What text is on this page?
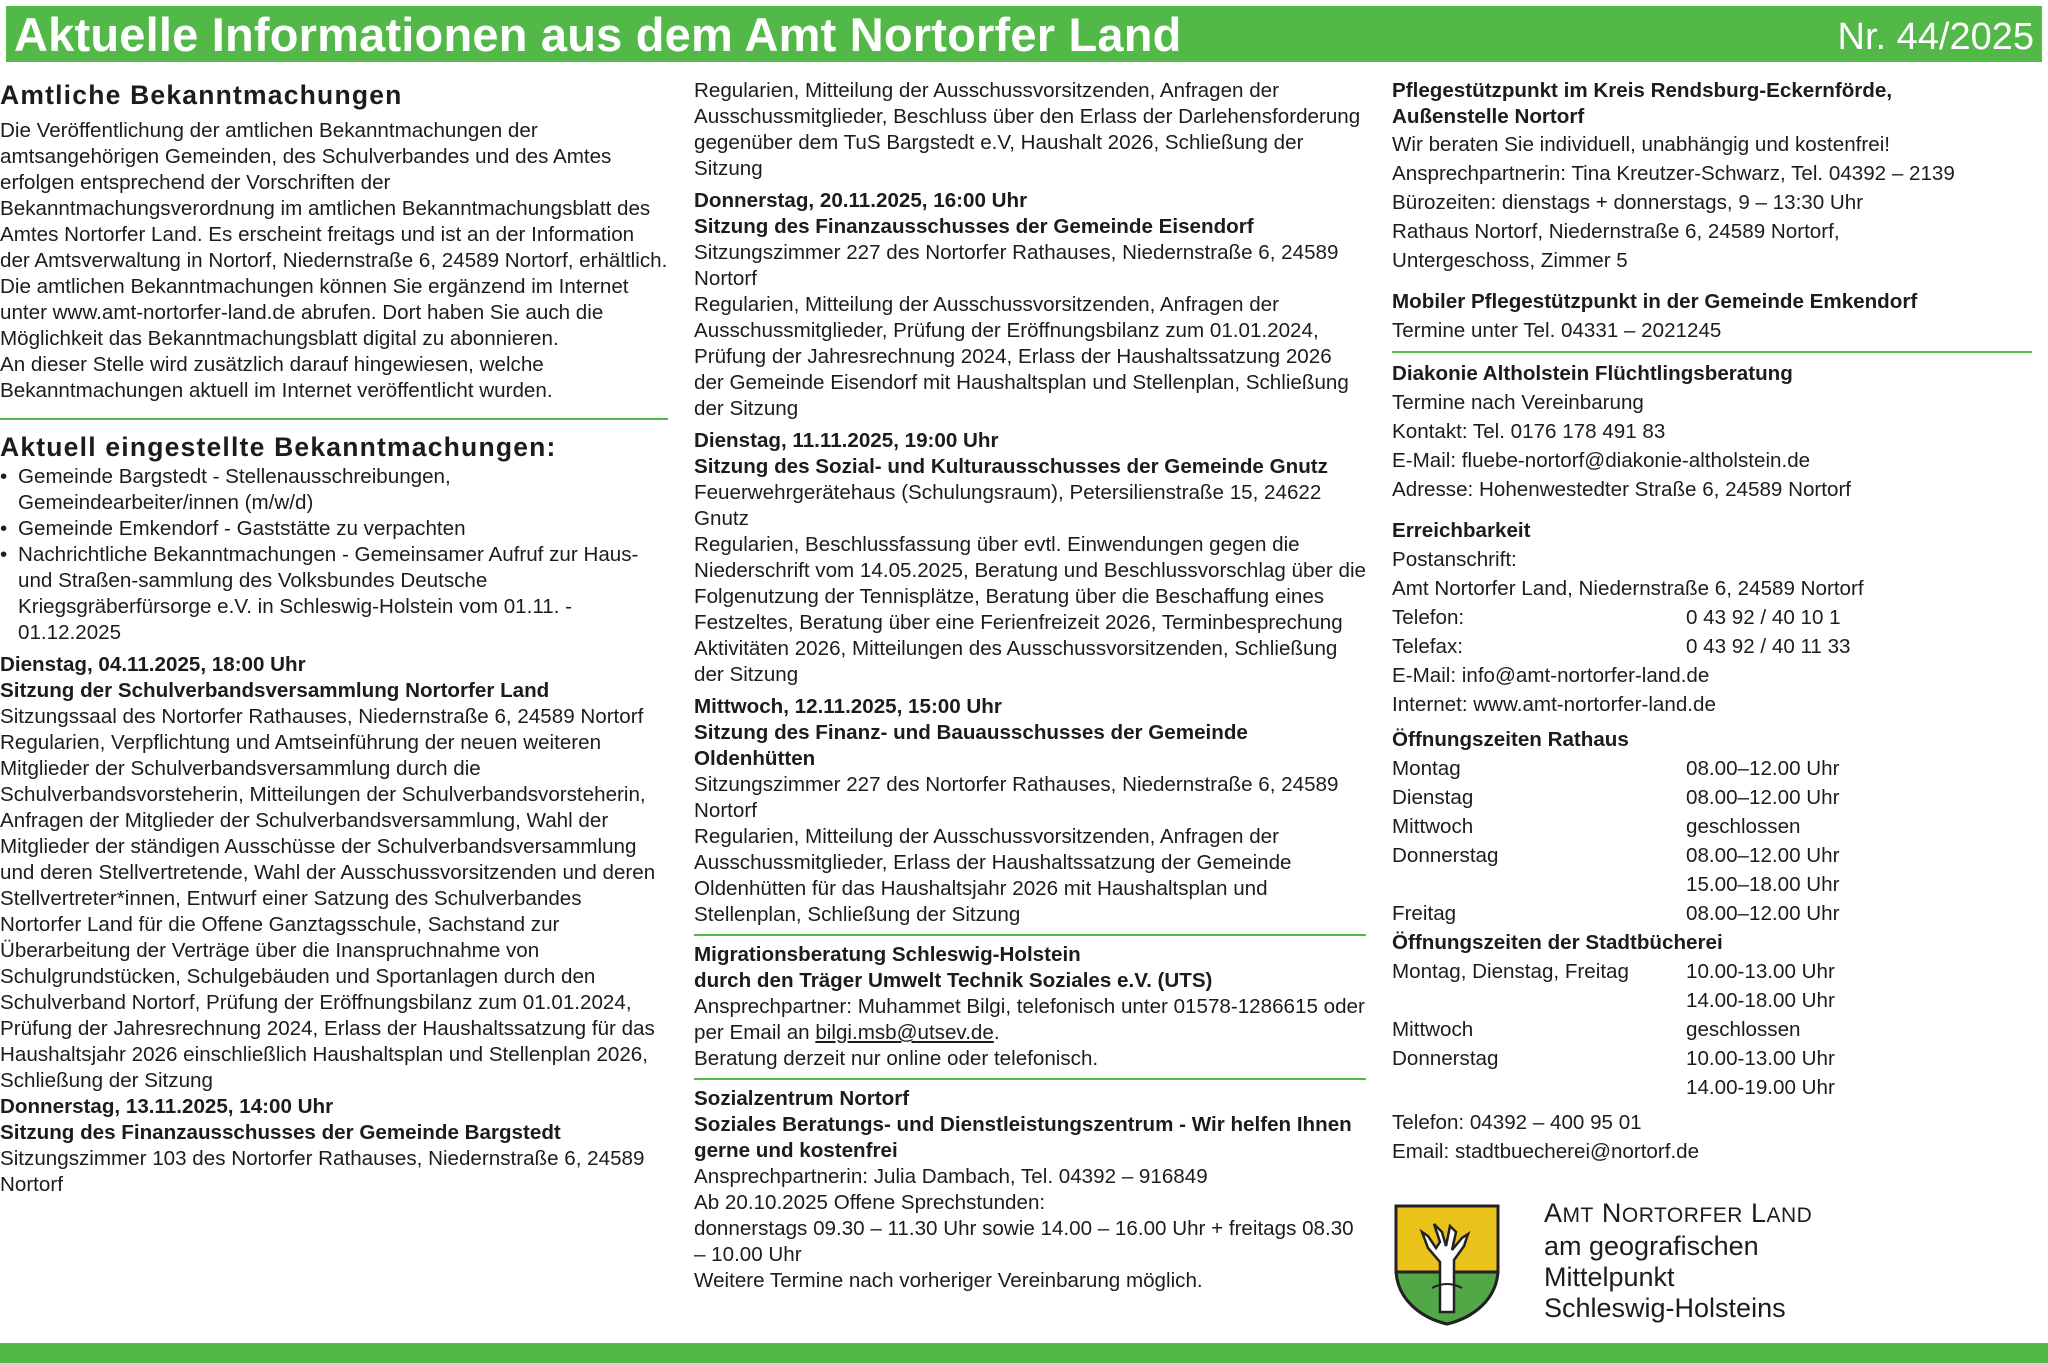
Aktuelle Informationen aus dem Amt Nortorfer Land	Nr. 44/2025

Amtliche Bekanntmachungen

Die Veröffentlichung der amtlichen Bekanntmachungen der amtsangehörigen Gemeinden, des Schulverbandes und des Amtes erfolgen entsprechend der Vorschriften der Bekanntmachungsverordnung im amtlichen Bekanntmachungsblatt des Amtes Nortorfer Land. Es erscheint freitags und ist an der Information der Amtsverwaltung in Nortorf, Niedernstraße 6, 24589 Nortorf, erhältlich.

Die amtlichen Bekanntmachungen können Sie ergänzend im Internet unter www.amt-nortorfer-land.de abrufen. Dort haben Sie auch die Möglichkeit das Bekanntmachungsblatt digital zu abonnieren.

An dieser Stelle wird zusätzlich darauf hingewiesen, welche Bekanntmachungen aktuell im Internet veröffentlicht wurden.

Aktuell eingestellte Bekanntmachungen:

• Gemeinde Bargstedt - Stellenausschreibungen, Gemeindearbeiter/innen (m/w/d)
• Gemeinde Emkendorf - Gaststätte zu verpachten
• Nachrichtliche Bekanntmachungen - Gemeinsamer Aufruf zur Haus- und Straßen-sammlung des Volksbundes Deutsche Kriegsgräberfürsorge e.V. in Schleswig-Holstein vom 01.11. - 01.12.2025

Dienstag, 04.11.2025, 18:00 Uhr

Sitzung der Schulverbandsversammlung Nortorfer Land

Sitzungssaal des Nortorfer Rathauses, Niedernstraße 6, 24589 Nortorf

Regularien, Verpflichtung und Amtseinführung der neuen weiteren Mitglieder der Schulverbandsversammlung durch die Schulverbandsvorsteherin, Mitteilungen der Schulverbandsvorsteherin, Anfragen der Mitglieder der Schulverbandsversammlung, Wahl der Mitglieder der ständigen Ausschüsse der Schulverbandsversammlung und deren Stellvertretende, Wahl der Ausschussvorsitzenden und deren Stellvertreter*innen, Entwurf einer Satzung des Schulverbandes Nortorfer Land für die Offene Ganztagsschule, Sachstand zur Überarbeitung der Verträge über die Inanspruchnahme von Schulgrundstücken, Schulgebäuden und Sportanlagen durch den Schulverband Nortorf, Prüfung der Eröffnungsbilanz zum 01.01.2024, Prüfung der Jahresrechnung 2024, Erlass der Haushaltssatzung für das Haushaltsjahr 2026 einschließlich Haushaltsplan und Stellenplan 2026, Schließung der Sitzung

Donnerstag, 13.11.2025, 14:00 Uhr

Sitzung des Finanzausschusses der Gemeinde Bargstedt

Sitzungszimmer 103 des Nortorfer Rathauses, Niedernstraße 6, 24589 Nortorf

Regularien, Mitteilung der Ausschussvorsitzenden, Anfragen der Ausschussmitglieder, Beschluss über den Erlass der Darlehensforderung gegenüber dem TuS Bargstedt e.V, Haushalt 2026, Schließung der Sitzung

Donnerstag, 20.11.2025, 16:00 Uhr

Sitzung des Finanzausschusses der Gemeinde Eisendorf

Sitzungszimmer 227 des Nortorfer Rathauses, Niedernstraße 6, 24589 Nortorf

Regularien, Mitteilung der Ausschussvorsitzenden, Anfragen der Ausschussmitglieder, Prüfung der Eröffnungsbilanz zum 01.01.2024, Prüfung der Jahresrechnung 2024, Erlass der Haushaltssatzung 2026 der Gemeinde Eisendorf mit Haushaltsplan und Stellenplan, Schließung der Sitzung

Dienstag, 11.11.2025, 19:00 Uhr

Sitzung des Sozial- und Kulturausschusses der Gemeinde Gnutz

Feuerwehrgerätehaus (Schulungsraum), Petersilienstraße 15, 24622 Gnutz

Regularien, Beschlussfassung über evtl. Einwendungen gegen die Niederschrift vom 14.05.2025, Beratung und Beschlussvorschlag über die Folgenutzung der Tennisplätze, Beratung über die Beschaffung eines Festzeltes, Beratung über eine Ferienfreizeit 2026, Terminbesprechung Aktivitäten 2026, Mitteilungen des Ausschussvorsitzenden, Schließung der Sitzung

Mittwoch, 12.11.2025, 15:00 Uhr

Sitzung des Finanz- und Bauausschusses der Gemeinde Oldenhütten

Sitzungszimmer 227 des Nortorfer Rathauses, Niedernstraße 6, 24589 Nortorf

Regularien, Mitteilung der Ausschussvorsitzenden, Anfragen der Ausschussmitglieder, Erlass der Haushaltssatzung der Gemeinde Oldenhütten für das Haushaltsjahr 2026 mit Haushaltsplan und Stellenplan, Schließung der Sitzung

Migrationsberatung Schleswig-Holstein

durch den Träger Umwelt Technik Soziales e.V. (UTS)

Ansprechpartner: Muhammet Bilgi, telefonisch unter 01578-1286615 oder per Email an bilgi.msb@utsev.de.

Beratung derzeit nur online oder telefonisch.

Sozialzentrum Nortorf

Soziales Beratungs- und Dienstleistungszentrum - Wir helfen Ihnen gerne und kostenfrei

Ansprechpartnerin: Julia Dambach, Tel. 04392 – 916849

Ab 20.10.2025 Offene Sprechstunden:

donnerstags 09.30 – 11.30 Uhr sowie 14.00 – 16.00 Uhr + freitags 08.30 – 10.00 Uhr

Weitere Termine nach vorheriger Vereinbarung möglich.

Pflegestützpunkt im Kreis Rendsburg-Eckernförde,

Außenstelle Nortorf

Wir beraten Sie individuell, unabhängig und kostenfrei!

Ansprechpartnerin: Tina Kreutzer-Schwarz, Tel. 04392 – 2139

Bürozeiten: dienstags + donnerstags, 9 – 13:30 Uhr

Rathaus Nortorf, Niedernstraße 6, 24589 Nortorf, Untergeschoss, Zimmer 5

Mobiler Pflegestützpunkt in der Gemeinde Emkendorf

Termine unter Tel. 04331 – 2021245

Diakonie Altholstein Flüchtlingsberatung

Termine nach Vereinbarung

Kontakt: Tel. 0176 178 491 83

E-Mail: fluebe-nortorf@diakonie-altholstein.de

Adresse: Hohenwestedter Straße 6, 24589 Nortorf

Erreichbarkeit

Postanschrift:

Amt Nortorfer Land, Niedernstraße 6, 24589 Nortorf

Telefon:	0 43 92 / 40 10 1
Telefax:	0 43 92 / 40 11 33

E-Mail: info@amt-nortorfer-land.de

Internet: www.amt-nortorfer-land.de

Öffnungszeiten Rathaus

Montag	08.00–12.00 Uhr
Dienstag	08.00–12.00 Uhr
Mittwoch	geschlossen
Donnerstag	08.00–12.00 Uhr
15.00–18.00 Uhr
Freitag	08.00–12.00 Uhr

Öffnungszeiten der Stadtbücherei

Montag, Dienstag, Freitag	10.00-13.00 Uhr
14.00-18.00 Uhr
Mittwoch	geschlossen
Donnerstag	10.00-13.00 Uhr
14.00-19.00 Uhr

Telefon: 04392 – 400 95 01

Email: stadtbuecherei@nortorf.de

AMT NORTORFER LAND
am geografischen
Mittelpunkt
Schleswig-Holsteins
